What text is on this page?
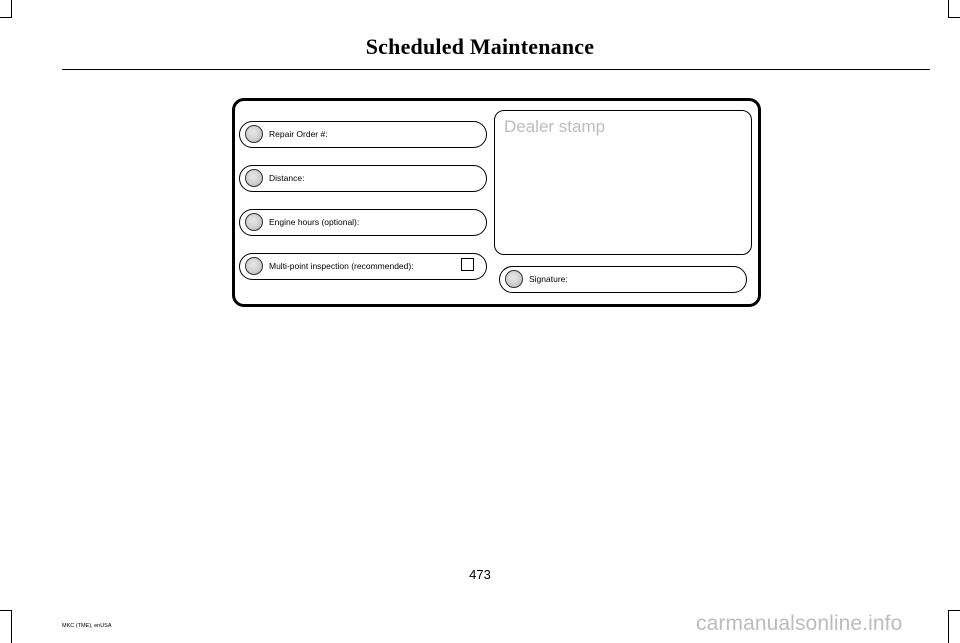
Scheduled Maintenance
Repair Order #:
Distance:
Engine hours (optional):
Multi-point inspection (recommended):
Dealer stamp
Signature:
473
MKC (TME), enUSA	carmanualsonline.info
